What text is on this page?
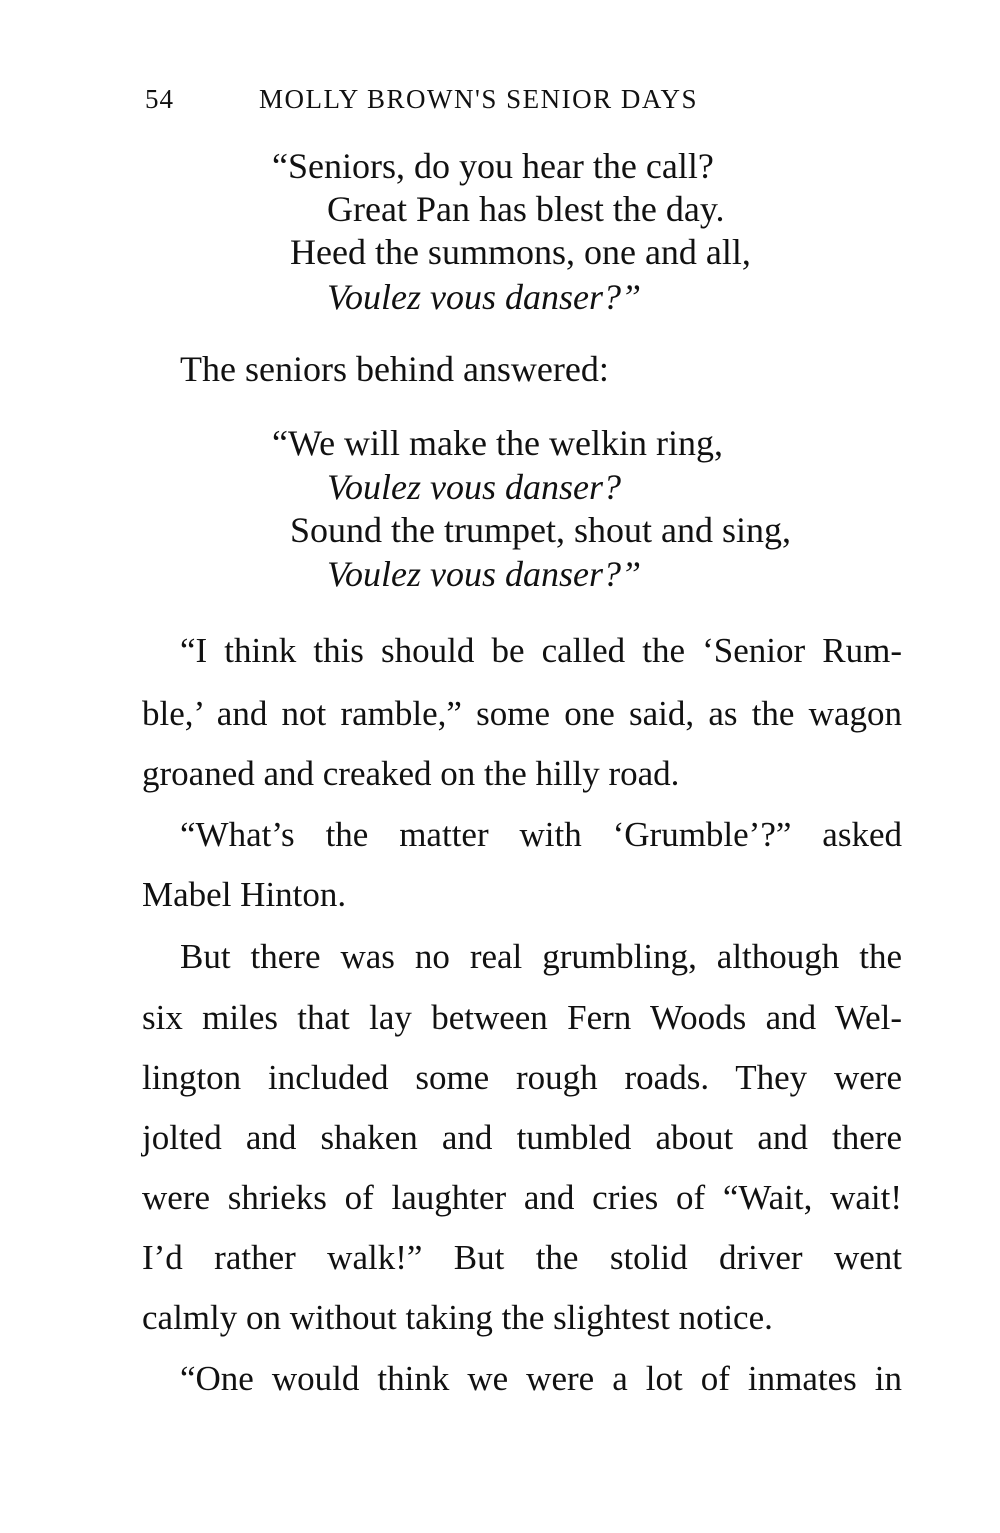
54	MOLLY BROWN'S SENIOR DAYS
“Seniors, do you hear the call?
Great Pan has blest the day.
Heed the summons, one and all,
Voulez vous danser?”
The seniors behind answered:
“We will make the welkin ring,
Voulez vous danser?
Sound the trumpet, shout and sing,
Voulez vous danser?”
“I think this should be called the ‘Senior Rum-
ble,’ and not ramble,” some one said, as the wagon
groaned and creaked on the hilly road.
“What’s the matter with ‘Grumble’?” asked
Mabel Hinton.
But there was no real grumbling, although the
six miles that lay between Fern Woods and Wel-
lington included some rough roads. They were
jolted and shaken and tumbled about and there
were shrieks of laughter and cries of “Wait, wait!
I’d rather walk!” But the stolid driver went
calmly on without taking the slightest notice.
“One would think we were a lot of inmates in
